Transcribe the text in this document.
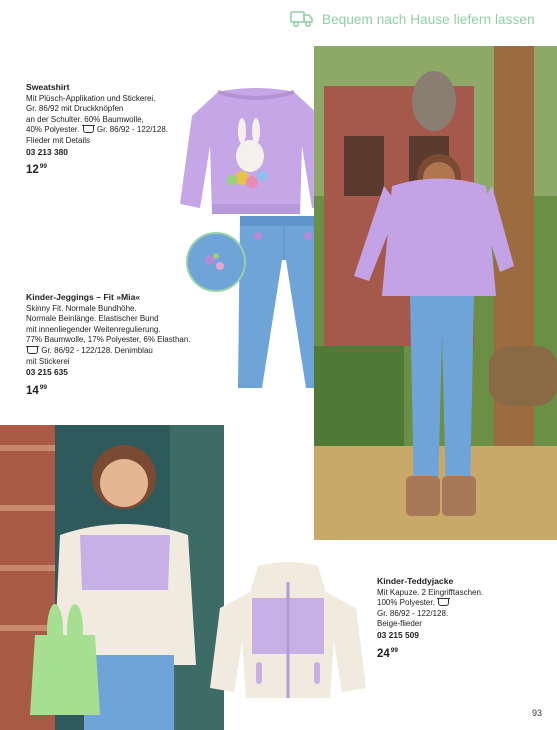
Bequem nach Hause liefern lassen
Sweatshirt
Mit Plüsch-Applikation und Stickerei.
Gr. 86/92 mit Druckknöpfen
an der Schulter. 60% Baumwolle,
40% Polyester. Gr. 86/92 - 122/128.
Flieder mit Details
03 213 380
$12^{99}$
Kinder-Jeggings – Fit »Mia«
Skinny Fit. Normale Bundhöhe.
Normale Beinlänge. Elastischer Bund
mit innenliegender Weitenregulierung.
77% Baumwolle, 17% Polyester, 6% Elasthan.
Gr. 86/92 - 122/128. Denimblau
mit Stickerei
03 215 635
$14^{99}$
Kinder-Teddyjacke
Mit Kapuze. 2 Eingrifftaschen.
100% Polyester.
Gr. 86/92 - 122/128.
Beige-flieder
03 215 509
$24^{99}$
93
